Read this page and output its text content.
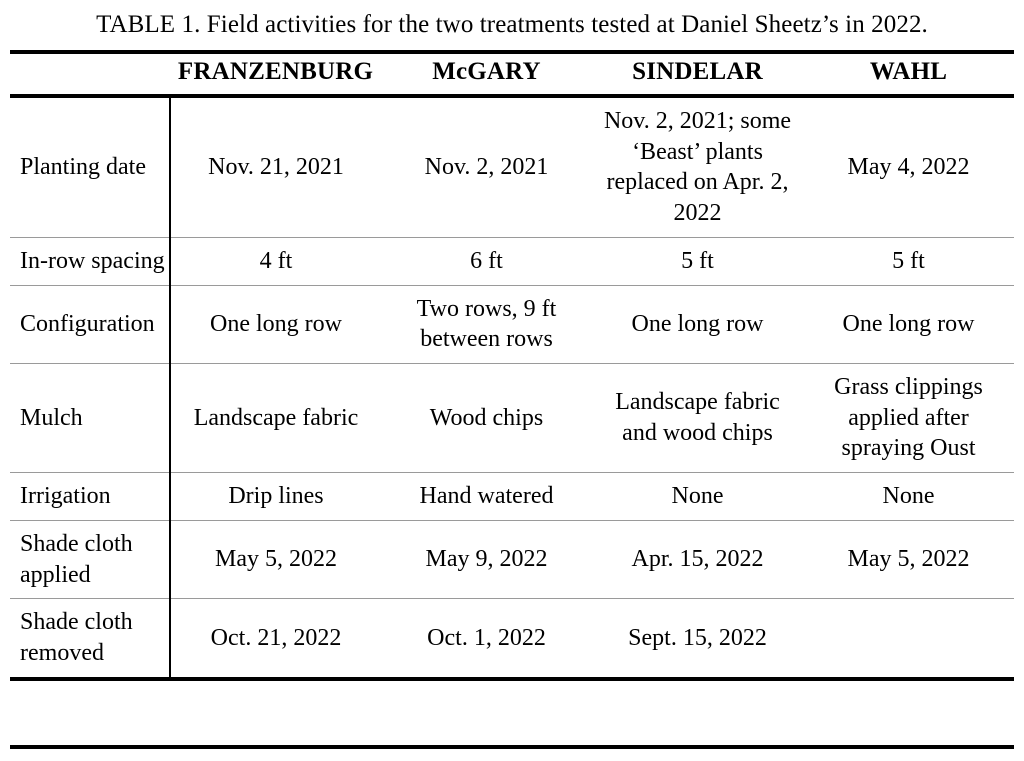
TABLE 1. Field activities for the two treatments tested at Daniel Sheetz’s in 2022.
	FRANZENBURG	McGARY	SINDELAR	WAHL
Planting date	Nov. 21, 2021	Nov. 2, 2021	Nov. 2, 2021; some ‘Beast’ plants replaced on Apr. 2, 2022	May 4, 2022
In-row spacing	4 ft	6 ft	5 ft	5 ft
Configuration	One long row	Two rows, 9 ft between rows	One long row	One long row
Mulch	Landscape fabric	Wood chips	Landscape fabric and wood chips	Grass clippings applied after spraying Oust
Irrigation	Drip lines	Hand watered	None	None
Shade cloth applied	May 5, 2022	May 9, 2022	Apr. 15, 2022	May 5, 2022
Shade cloth removed	Oct. 21, 2022	Oct. 1, 2022	Sept. 15, 2022	
